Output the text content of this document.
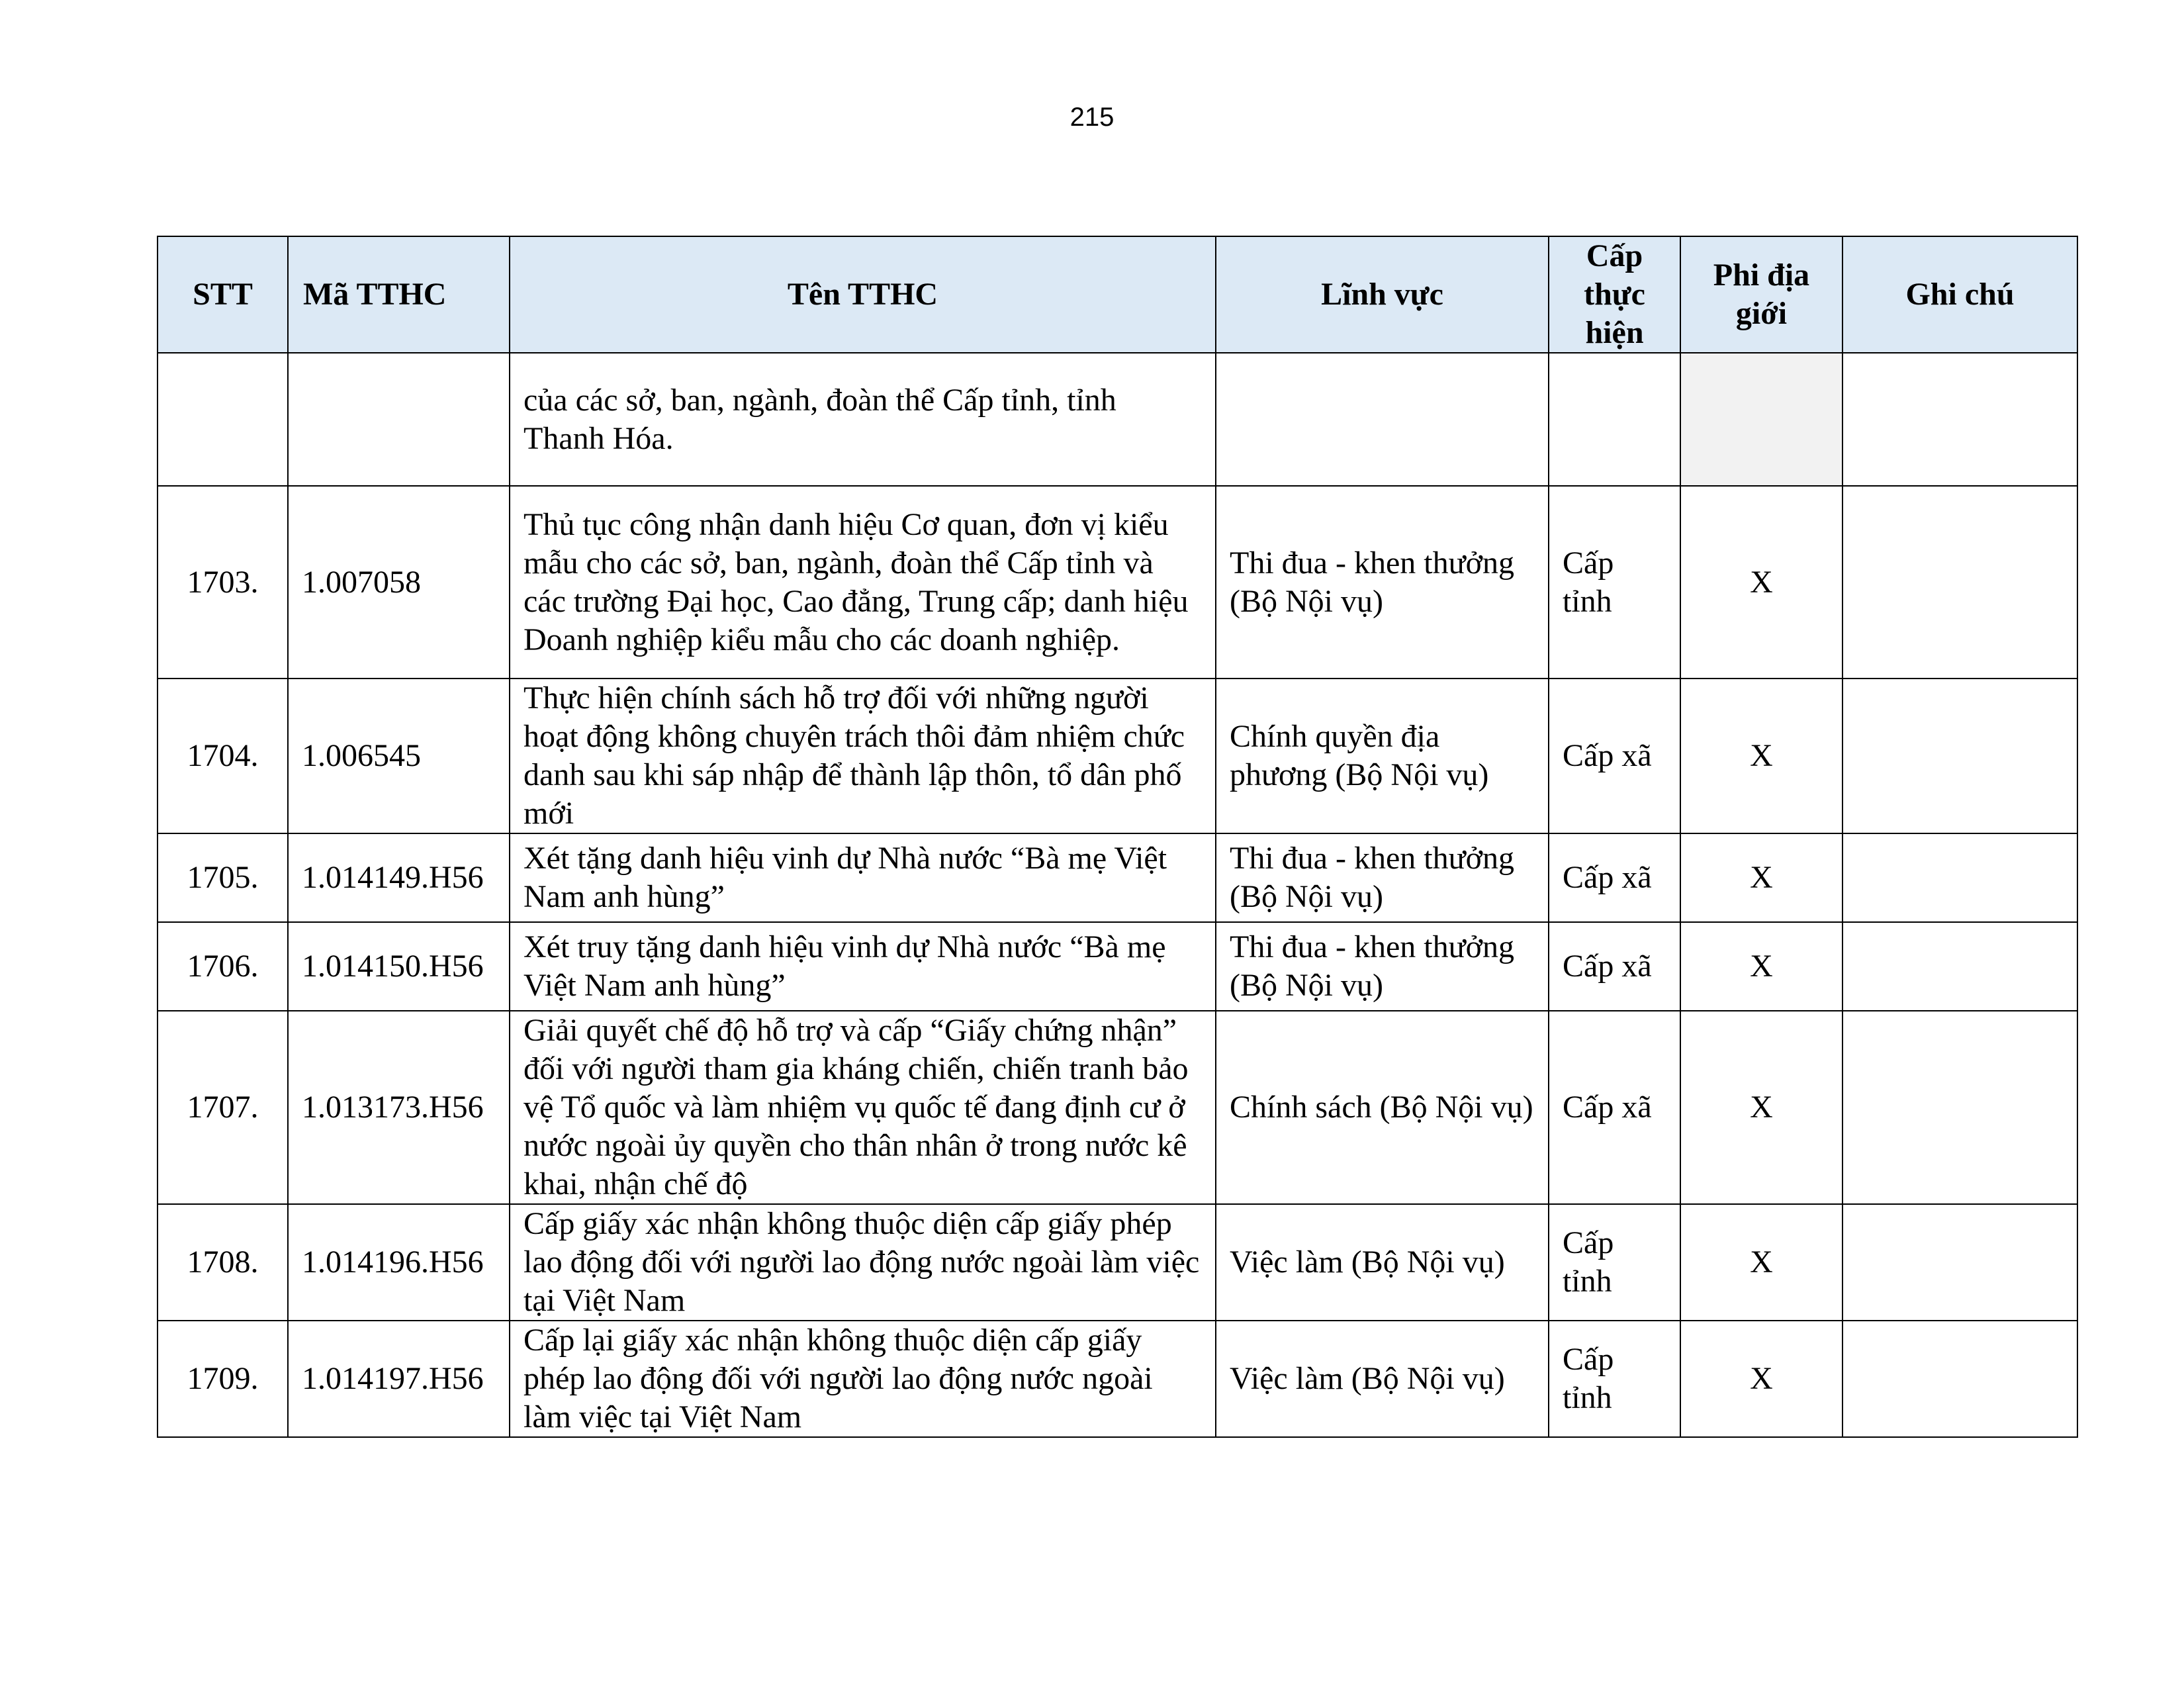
215
STT	Mã TTHC	Tên TTHC	Lĩnh vực	Cấp thực hiện	Phi địa giới	Ghi chú
		của các sở, ban, ngành, đoàn thể Cấp tỉnh, tỉnh Thanh Hóa.				
1703.	1.007058	Thủ tục công nhận danh hiệu Cơ quan, đơn vị kiểu mẫu cho các sở, ban, ngành, đoàn thể Cấp tỉnh và các trường Đại học, Cao đẳng, Trung cấp; danh hiệu Doanh nghiệp kiểu mẫu cho các doanh nghiệp.	Thi đua - khen thưởng (Bộ Nội vụ)	Cấp tỉnh	X	
1704.	1.006545	Thực hiện chính sách hỗ trợ đối với những người hoạt động không chuyên trách thôi đảm nhiệm chức danh sau khi sáp nhập để thành lập thôn, tổ dân phố mới	Chính quyền địa phương (Bộ Nội vụ)	Cấp xã	X	
1705.	1.014149.H56	Xét tặng danh hiệu vinh dự Nhà nước “Bà mẹ Việt Nam anh hùng”	Thi đua - khen thưởng (Bộ Nội vụ)	Cấp xã	X	
1706.	1.014150.H56	Xét truy tặng danh hiệu vinh dự Nhà nước “Bà mẹ Việt Nam anh hùng”	Thi đua - khen thưởng (Bộ Nội vụ)	Cấp xã	X	
1707.	1.013173.H56	Giải quyết chế độ hỗ trợ và cấp “Giấy chứng nhận” đối với người tham gia kháng chiến, chiến tranh bảo vệ Tổ quốc và làm nhiệm vụ quốc tế đang định cư ở nước ngoài ủy quyền cho thân nhân ở trong nước kê khai, nhận chế độ	Chính sách (Bộ Nội vụ)	Cấp xã	X	
1708.	1.014196.H56	Cấp giấy xác nhận không thuộc diện cấp giấy phép lao động đối với người lao động nước ngoài làm việc tại Việt Nam	Việc làm (Bộ Nội vụ)	Cấp tỉnh	X	
1709.	1.014197.H56	Cấp lại giấy xác nhận không thuộc diện cấp giấy phép lao động đối với người lao động nước ngoài làm việc tại Việt Nam	Việc làm (Bộ Nội vụ)	Cấp tỉnh	X	
